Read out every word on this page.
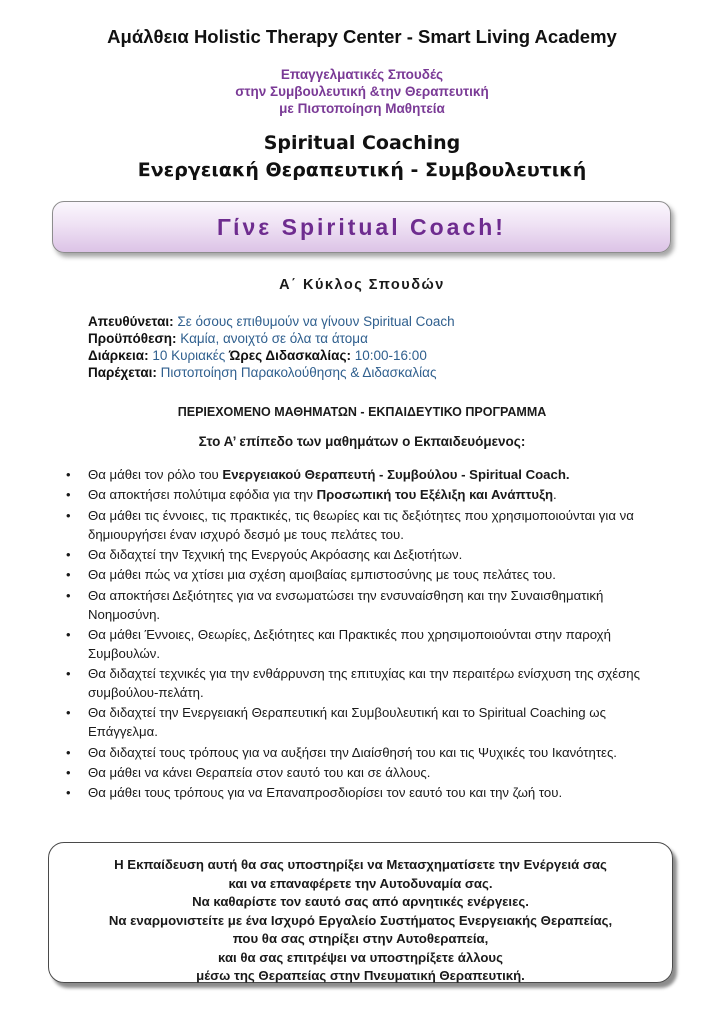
Αμάλθεια Holistic Therapy Center - Smart Living Academy
Επαγγελματικές Σπουδές
στην Συμβουλευτική &την Θεραπευτική
με Πιστοποίηση Μαθητεία
Spiritual Coaching
Ενεργειακή Θεραπευτική - Συμβουλευτική
Γίνε Spiritual Coach!
Α΄ Κύκλος Σπουδών
Απευθύνεται: Σε όσους επιθυμούν να γίνουν Spiritual Coach
Προϋπόθεση: Καμία, ανοιχτό σε όλα τα άτομα
Διάρκεια: 10 Κυριακές Ώρες Διδασκαλίας: 10:00-16:00
Παρέχεται: Πιστοποίηση Παρακολούθησης & Διδασκαλίας
ΠΕΡΙΕΧΟΜΕΝΟ ΜΑΘΗΜΑΤΩΝ - ΕΚΠΑΙΔΕΥΤΙΚΟ ΠΡΟΓΡΑΜΜΑ
Στο Α’ επίπεδο των μαθημάτων ο Εκπαιδευόμενος:
• Θα μάθει τον ρόλο του Ενεργειακού Θεραπευτή - Συμβούλου - Spiritual Coach.
• Θα αποκτήσει πολύτιμα εφόδια για την Προσωπική του Εξέλιξη και Ανάπτυξη.
• Θα μάθει τις έννοιες, τις πρακτικές, τις θεωρίες και τις δεξιότητες που χρησιμοποιούνται για να δημιουργήσει έναν ισχυρό δεσμό με τους πελάτες του.
• Θα διδαχτεί την Τεχνική της Ενεργούς Ακρόασης και Δεξιοτήτων.
• Θα μάθει πώς να χτίσει μια σχέση αμοιβαίας εμπιστοσύνης με τους πελάτες του.
• Θα αποκτήσει Δεξιότητες για να ενσωματώσει την ενσυναίσθηση και την Συναισθηματική Νοημοσύνη.
• Θα μάθει Έννοιες, Θεωρίες, Δεξιότητες και Πρακτικές που χρησιμοποιούνται στην παροχή Συμβουλών.
• Θα διδαχτεί τεχνικές για την ενθάρρυνση της επιτυχίας και την περαιτέρω ενίσχυση της σχέσης συμβούλου-πελάτη.
• Θα διδαχτεί την Ενεργειακή Θεραπευτική και Συμβουλευτική και το Spiritual Coaching ως Επάγγελμα.
• Θα διδαχτεί τους τρόπους για να αυξήσει την Διαίσθησή του και τις Ψυχικές του Ικανότητες.
• Θα μάθει να κάνει Θεραπεία στον εαυτό του και σε άλλους.
• Θα μάθει τους τρόπους για να Επαναπροσδιορίσει τον εαυτό του και την ζωή του.
Η Εκπαίδευση αυτή θα σας υποστηρίξει να Μετασχηματίσετε την Ενέργειά σας
και να επαναφέρετε την Αυτοδυναμία σας.
Να καθαρίστε τον εαυτό σας από αρνητικές ενέργειες.
Να εναρμονιστείτε με ένα Ισχυρό Εργαλείο Συστήματος Ενεργειακής Θεραπείας,
που θα σας στηρίξει στην Αυτοθεραπεία,
και θα σας επιτρέψει να υποστηρίξετε άλλους
μέσω της Θεραπείας στην Πνευματική Θεραπευτική.
